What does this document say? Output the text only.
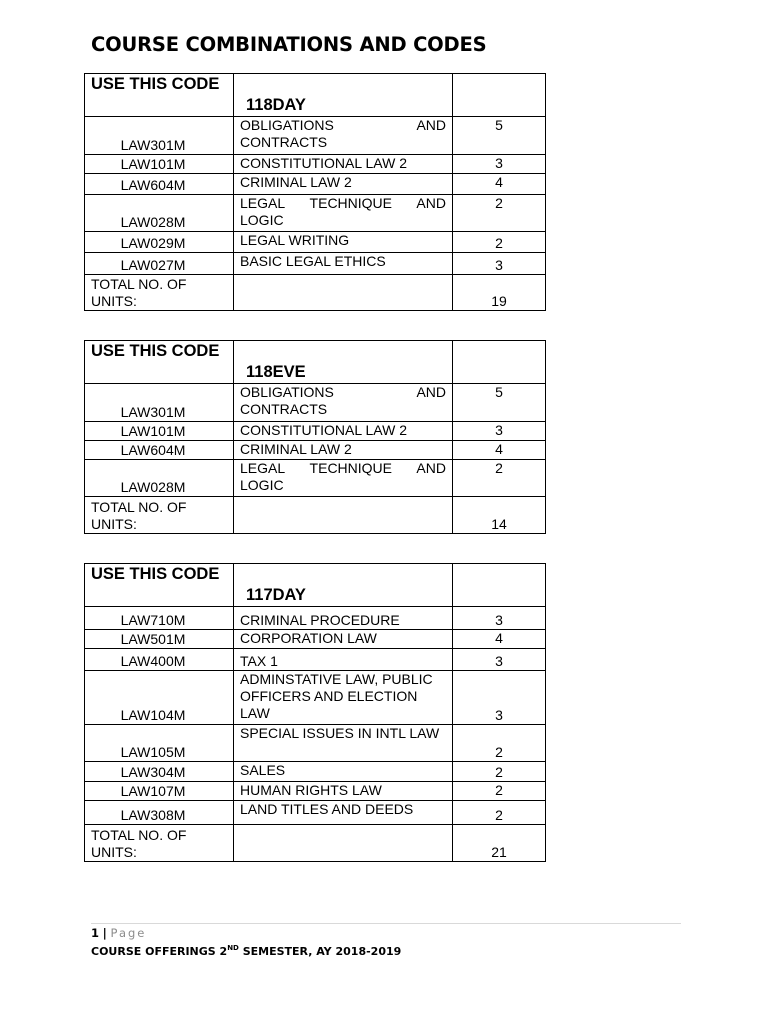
COURSE COMBINATIONS AND CODES
USE THIS CODE	118DAY	
LAW301M	OBLIGATIONS AND CONTRACTS	5
LAW101M	CONSTITUTIONAL LAW 2	3
LAW604M	CRIMINAL LAW 2	4
LAW028M	LEGAL TECHNIQUE AND LOGIC	2
LAW029M	LEGAL WRITING	2
LAW027M	BASIC LEGAL ETHICS	3
TOTAL NO. OF UNITS:		19
USE THIS CODE	118EVE	
LAW301M	OBLIGATIONS AND CONTRACTS	5
LAW101M	CONSTITUTIONAL LAW 2	3
LAW604M	CRIMINAL LAW 2	4
LAW028M	LEGAL TECHNIQUE AND LOGIC	2
TOTAL NO. OF UNITS:		14
USE THIS CODE	117DAY	
LAW710M	CRIMINAL PROCEDURE	3
LAW501M	CORPORATION LAW	4
LAW400M	TAX 1	3
LAW104M	ADMINSTATIVE LAW, PUBLIC OFFICERS AND ELECTION LAW	3
LAW105M	SPECIAL ISSUES IN INTL LAW	2
LAW304M	SALES	2
LAW107M	HUMAN RIGHTS LAW	2
LAW308M	LAND TITLES AND DEEDS	2
TOTAL NO. OF UNITS:		21
1 | Page
COURSE OFFERINGS 2ND SEMESTER, AY 2018-2019
